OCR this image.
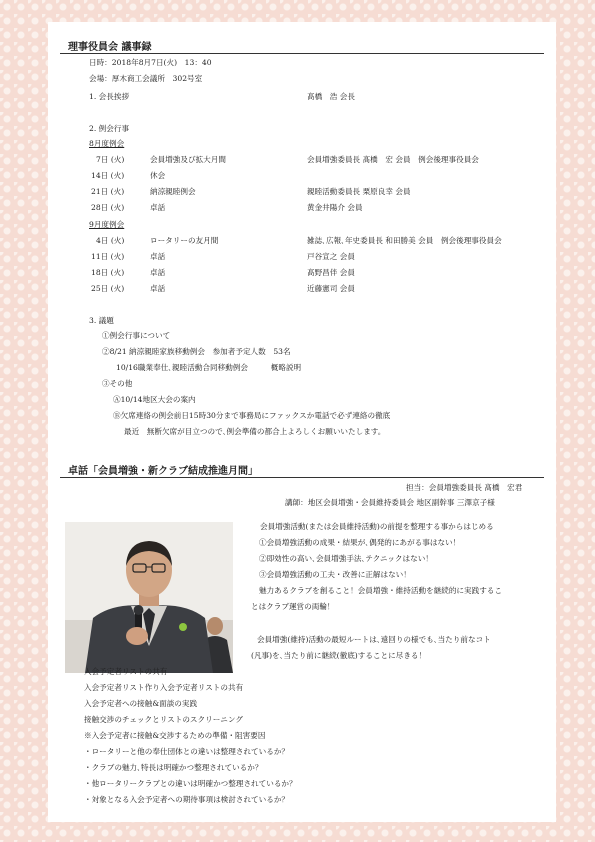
理事役員会 議事録
日時：2018年8月7日(火)　13：40
会場：厚木商工会議所　302号室
1. 会長挨拶	髙橋　浩 会長
2. 例会行事
8月度例会
7日 (火)	会員増強及び拡大月間	会員増強委員長 髙橋　宏 会員　例会後理事役員会
14日 (火)	休会
21日 (火)	納涼親睦例会	親睦活動委員長 栗原良幸 会員
28日 (火)	卓話	黄金井陽介 会員
9月度例会
4日 (火)	ロータリーの友月間	雑誌､広報､年史委員長 和田勝美 会員　例会後理事役員会
11日 (火)	卓話	戸谷宣之 会員
18日 (火)	卓話	髙野昌伴 会員
25日 (火)	卓話	近藤憲司 会員
3. 議題
①例会行事について
②8/21 納涼親睦家族移動例会　参加者予定人数　53名
10/16職業奉仕､親睦活動合同移動例会　　　概略説明
③その他
Ⓐ10/14地区大会の案内
Ⓑ欠席連絡の例会前日15時30分まで事務局にファックスか電話で必ず連絡の徹底
最近　無断欠席が目立つので､例会準備の都合上よろしくお願いいたします。
卓話「会員増強・新クラブ結成推進月間」
担当：会員増強委員長 髙橋　宏君
講師：地区会員増強・会員維持委員会 地区副幹事 三澤京子様
会員増強活動(または会員維持活動)の前提を整理する事からはじめる
①会員増強活動の成果・結果が､偶発的にあがる事はない！
②即効性の高い､会員増強手法､テクニックはない！
③会員増強活動の工夫・改善に正解はない！
魅力あるクラブを創ること！会員増強・維持活動を継続的に実践するこ
とはクラブ運営の両輪！
会員増強(維持)活動の最短ルートは､遠回りの様でも､当たり前なコト
(凡事)を､当たり前に継続(徹底)することに尽きる！
入会予定者リストの共有
入会予定者リスト作り入会予定者リストの共有
入会予定者への接触&面談の実践
接触交渉のチェックとリストのスクリーニング
※入会予定者に接触&交渉するための準備・阻害要因
・ロータリーと他の奉仕団体との違いは整理されているか？
・クラブの魅力､特長は明確かつ整理されているか？
・他ロータリークラブとの違いは明確かつ整理されているか？
・対象となる入会予定者への期待事項は検討されているか？
